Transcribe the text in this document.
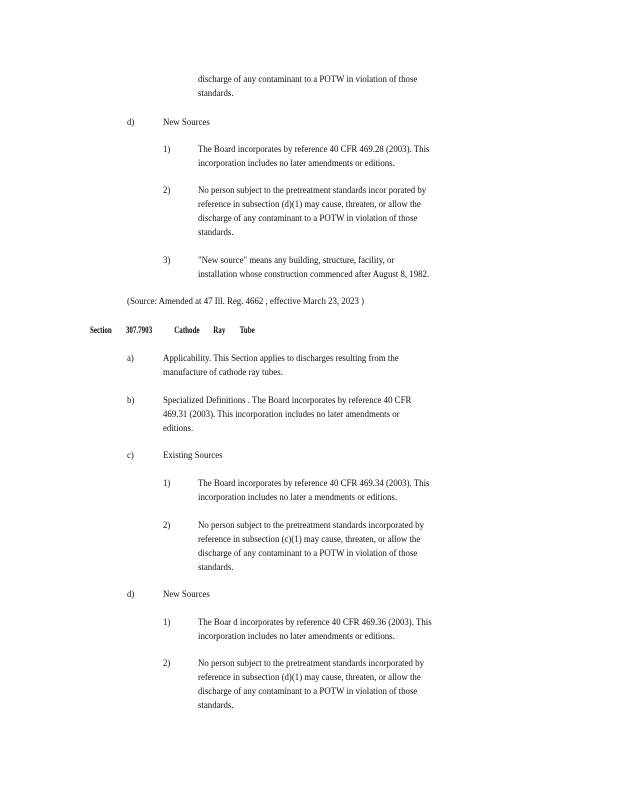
discharge of any contaminant to a POTW in violation of those
standards.
d)	New Sources
1)	The Board incorporates by reference 40 CFR 469.28 (2003). This
incorporation includes no later amendments or editions.
2)	No person subject to the pretreatment standards incor porated by
reference in subsection (d)(1) may cause, threaten, or allow the
discharge of any contaminant to a POTW in violation of those
standards.
3)	"New source" means any building, structure, facility, or
installation whose construction commenced after August 8, 1982.
(Source: Amended at 47 Ill. Reg. 4662 , effective March 23, 2023 )
Section 307.7903 Cathode Ray Tube
a)	Applicability. This Section applies to discharges resulting from the
manufacture of cathode ray tubes.
b)	Specialized Definitions . The Board incorporates by reference 40 CFR
469.31 (2003). This incorporation includes no later amendments or
editions.
c)	Existing Sources
1)	The Board incorporates by reference 40 CFR 469.34 (2003). This
incorporation includes no later a mendments or editions.
2)	No person subject to the pretreatment standards incorporated by
reference in subsection (c)(1) may cause, threaten, or allow the
discharge of any contaminant to a POTW in violation of those
standards.
d)	New Sources
1)	The Boar d incorporates by reference 40 CFR 469.36 (2003). This
incorporation includes no later amendments or editions.
2)	No person subject to the pretreatment standards incorporated by
reference in subsection (d)(1) may cause, threaten, or allow the
discharge of any contaminant to a POTW in violation of those
standards.
